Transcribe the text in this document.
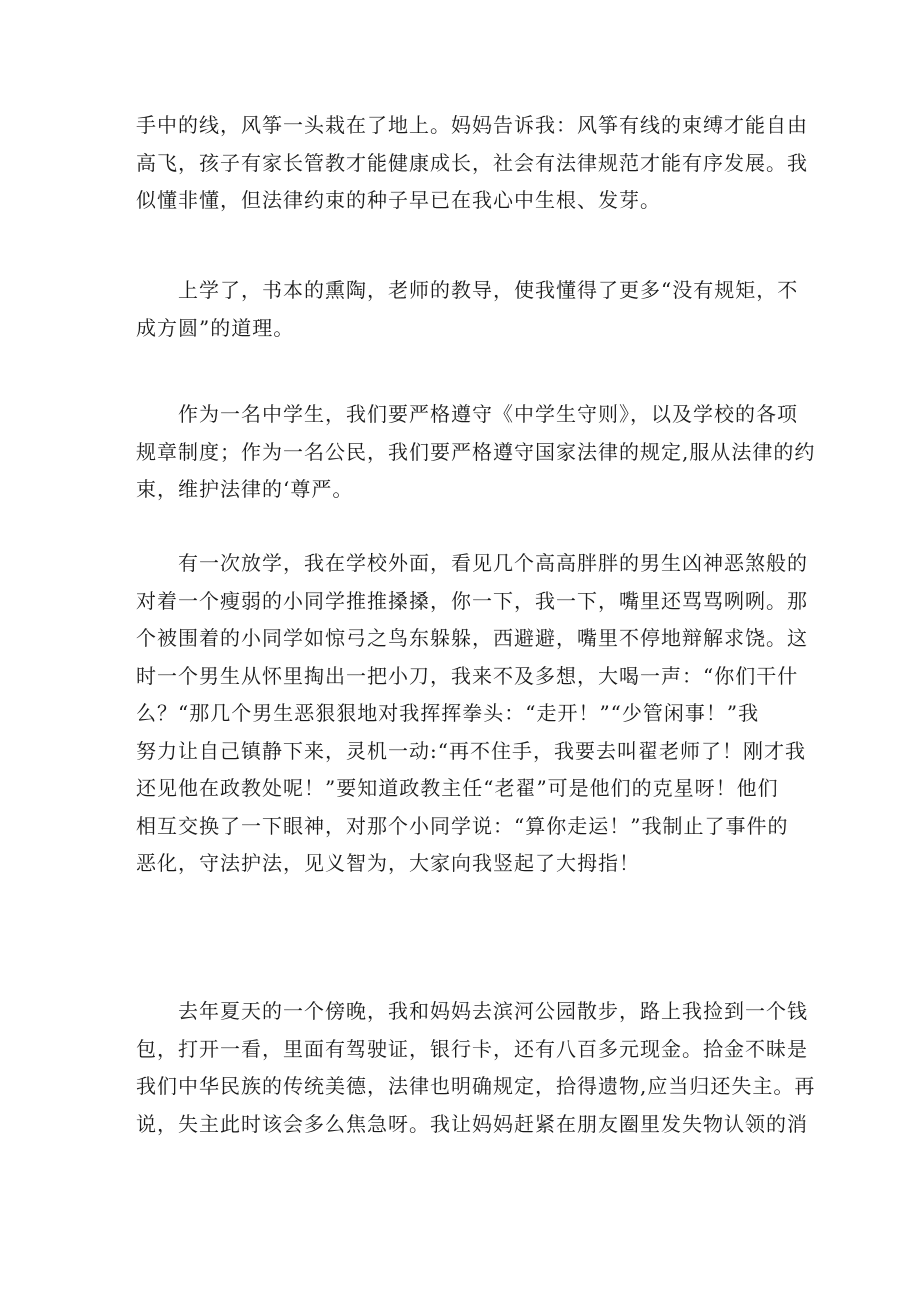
手中的线，风筝一头栽在了地上。妈妈告诉我：风筝有线的束缚才能自由
高飞，孩子有家长管教才能健康成长，社会有法律规范才能有序发展。我
似懂非懂，但法律约束的种子早已在我心中生根、发芽。
　　上学了，书本的熏陶，老师的教导，使我懂得了更多“没有规矩，不
成方圆”的道理。
　　作为一名中学生，我们要严格遵守《中学生守则》，以及学校的各项
规章制度；作为一名公民，我们要严格遵守国家法律的规定,服从法律的约
束，维护法律的‘尊严。
　　有一次放学，我在学校外面，看见几个高高胖胖的男生凶神恶煞般的
对着一个瘦弱的小同学推推搡搡，你一下，我一下，嘴里还骂骂咧咧。那
个被围着的小同学如惊弓之鸟东躲躲，西避避，嘴里不停地辩解求饶。这
时一个男生从怀里掏出一把小刀，我来不及多想，大喝一声：“你们干什
么？“那几个男生恶狠狠地对我挥挥拳头：“走开！”“少管闲事！”我
努力让自己镇静下来，灵机一动:“再不住手，我要去叫翟老师了！刚才我
还见他在政教处呢！”要知道政教主任“老翟”可是他们的克星呀！他们
相互交换了一下眼神，对那个小同学说：“算你走运！”我制止了事件的
恶化，守法护法，见义智为，大家向我竖起了大拇指！
　　去年夏天的一个傍晚，我和妈妈去滨河公园散步，路上我捡到一个钱
包，打开一看，里面有驾驶证，银行卡，还有八百多元现金。拾金不昧是
我们中华民族的传统美德，法律也明确规定，拾得遗物,应当归还失主。再
说，失主此时该会多么焦急呀。我让妈妈赶紧在朋友圈里发失物认领的消
